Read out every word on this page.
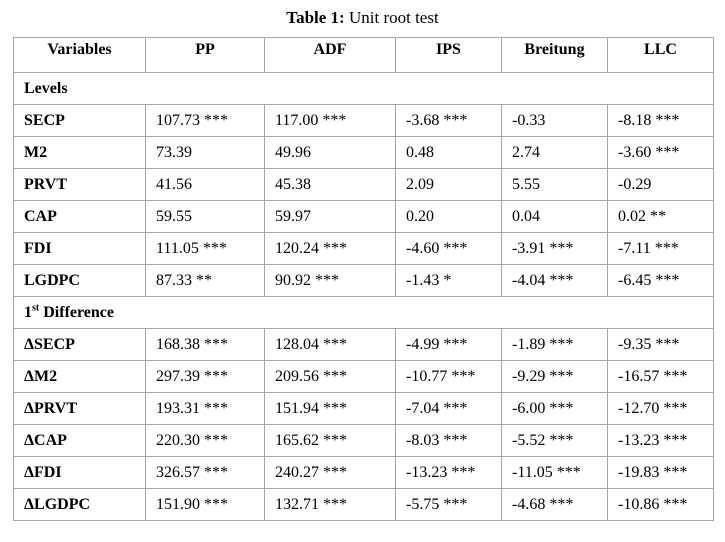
Table 1: Unit root test
Variables	PP	ADF	IPS	Breitung	LLC
Levels					
SECP	107.73 ***	117.00 ***	-3.68 ***	-0.33	-8.18 ***
M2	73.39	49.96	0.48	2.74	-3.60 ***
PRVT	41.56	45.38	2.09	5.55	-0.29
CAP	59.55	59.97	0.20	0.04	0.02 **
FDI	111.05 ***	120.24 ***	-4.60 ***	-3.91 ***	-7.11 ***
LGDPC	87.33 **	90.92 ***	-1.43 *	-4.04 ***	-6.45 ***
1st Difference					
ΔSECP	168.38 ***	128.04 ***	-4.99 ***	-1.89 ***	-9.35 ***
ΔM2	297.39 ***	209.56 ***	-10.77 ***	-9.29 ***	-16.57 ***
ΔPRVT	193.31 ***	151.94 ***	-7.04 ***	-6.00 ***	-12.70 ***
ΔCAP	220.30 ***	165.62 ***	-8.03 ***	-5.52 ***	-13.23 ***
ΔFDI	326.57 ***	240.27 ***	-13.23 ***	-11.05 ***	-19.83 ***
ΔLGDPC	151.90 ***	132.71 ***	-5.75 ***	-4.68 ***	-10.86 ***
